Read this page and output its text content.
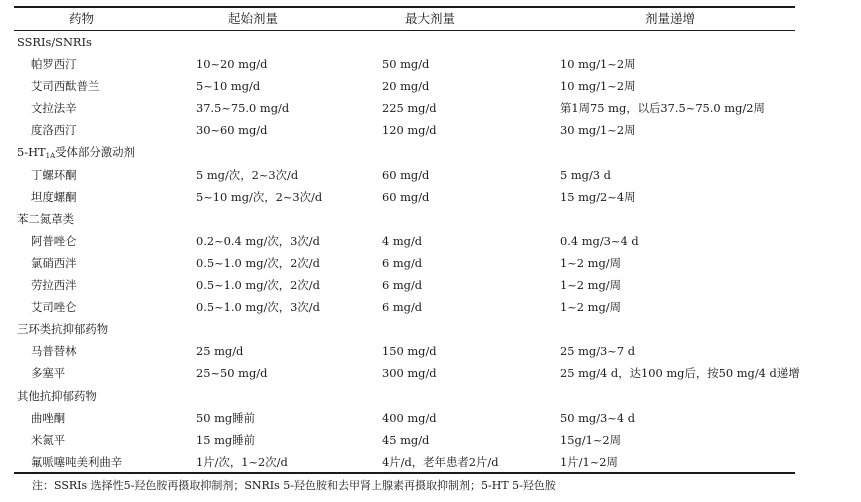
药物	起始剂量	最大剂量	剂量递增
SSRIs/SNRIs
帕罗西汀	10~20 mg/d	50 mg/d	10 mg/1~2周
艾司西酞普兰	5~10 mg/d	20 mg/d	10 mg/1~2周
文拉法辛	37.5~75.0 mg/d	225 mg/d	第1周75 mg，以后37.5~75.0 mg/2周
度洛西汀	30~60 mg/d	120 mg/d	30 mg/1~2周
$5-HT_{1A}$受体部分激动剂
丁螺环酮	5 mg/次，2~3次/d	60 mg/d	5 mg/3 d
坦度螺酮	5~10 mg/次，2~3次/d	60 mg/d	15 mg/2~4周
苯二氮䓬类
阿普唑仑	0.2~0.4 mg/次，3次/d	4 mg/d	0.4 mg/3~4 d
氯硝西泮	0.5~1.0 mg/次，2次/d	6 mg/d	1~2 mg/周
劳拉西泮	0.5~1.0 mg/次，2次/d	6 mg/d	1~2 mg/周
艾司唑仑	0.5~1.0 mg/次，3次/d	6 mg/d	1~2 mg/周
三环类抗抑郁药物
马普替林	25 mg/d	150 mg/d	25 mg/3~7 d
多塞平	25~50 mg/d	300 mg/d	25 mg/4 d，达100 mg后，按50 mg/4 d递增
其他抗抑郁药物
曲唑酮	50 mg睡前	400 mg/d	50 mg/3~4 d
米氮平	15 mg睡前	45 mg/d	15g/1~2周
氟哌噻吨美利曲辛	1片/次，1~2次/d	4片/d，老年患者2片/d	1片/1~2周
注：SSRIs 选择性5-羟色胺再摄取抑制剂；SNRIs 5-羟色胺和去甲肾上腺素再摄取抑制剂；5-HT 5-羟色胺
